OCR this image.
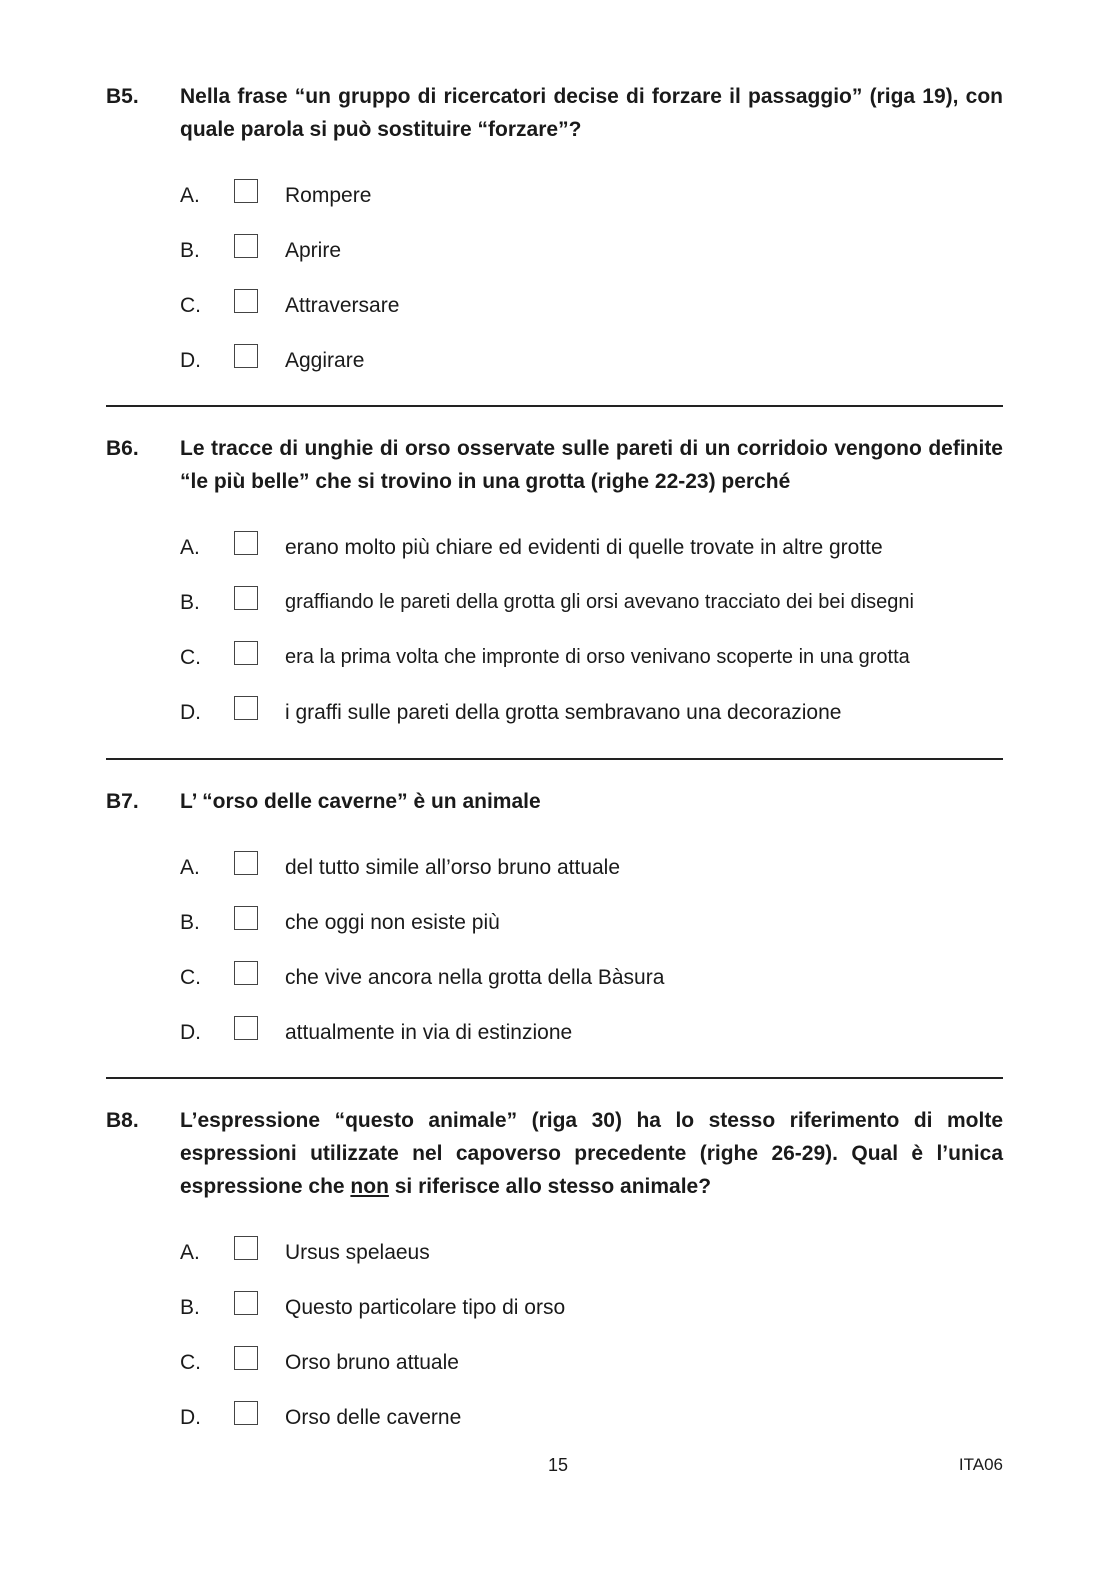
B5.	Nella frase “un gruppo di ricercatori decise di forzare il passaggio” (riga 19), con quale parola si può sostituire “forzare”?
A.	Rompere
B.	Aprire
C.	Attraversare
D.	Aggirare
B6.	Le tracce di unghie di orso osservate sulle pareti di un corridoio vengono definite “le più belle” che si trovino in una grotta (righe 22-23) perché
A.	erano molto più chiare ed evidenti di quelle trovate in altre grotte
B.	graffiando le pareti della grotta gli orsi avevano tracciato dei bei disegni
C.	era la prima volta che impronte di orso venivano scoperte in una grotta
D.	i graffi sulle pareti della grotta sembravano una decorazione
B7.	L’ “orso delle caverne” è un animale
A.	del tutto simile all’orso bruno attuale
B.	che oggi non esiste più
C.	che vive ancora nella grotta della Bàsura
D.	attualmente in via di estinzione
B8.	L’espressione “questo animale” (riga 30) ha lo stesso riferimento di molte espressioni utilizzate nel capoverso precedente (righe 26-29). Qual è l’unica espressione che non si riferisce allo stesso animale?
A.	Ursus spelaeus
B.	Questo particolare tipo di orso
C.	Orso bruno attuale
D.	Orso delle caverne
15	ITA06
